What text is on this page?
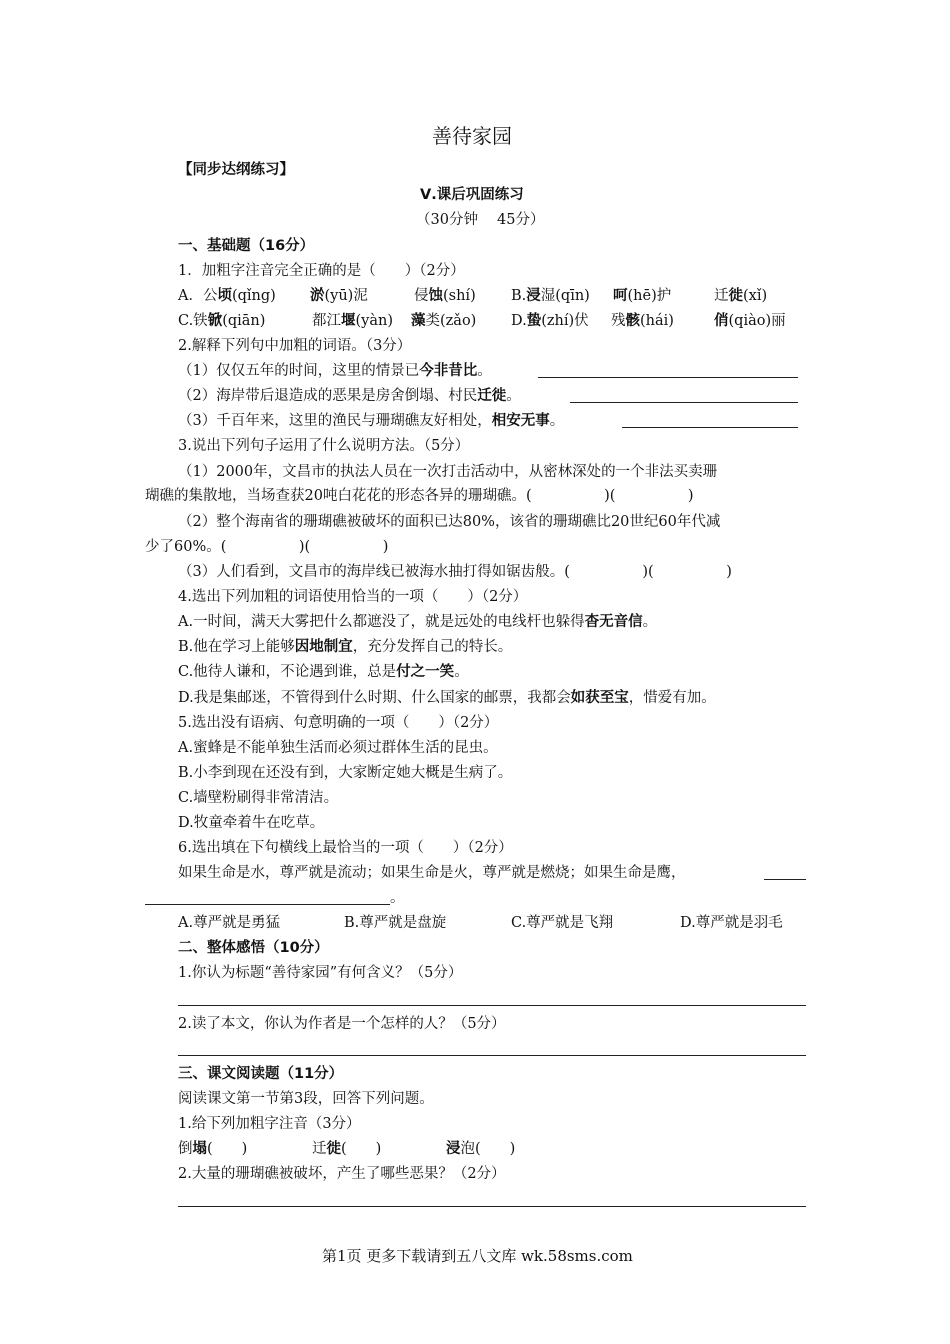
善待家园
【同步达纲练习】
Ⅴ.课后巩固练习
（30分钟　 45分）
一、基础题（16分）
1．加粗字注音完全正确的是（　　）（2分）
A．公顷(qǐng) 淤(yū)泥	侵蚀(shí) B.浸湿(qīn) 呵(hē)护	迁徙(xǐ)
C.铁锨(qiān)	都江堰(yàn) 藻类(zǎo) D.蛰(zhí)伏 残骸(hái)	俏(qiào)丽
2.解释下列句中加粗的词语。（3分）
（1）仅仅五年的时间，这里的情景已今非昔比。
（2）海岸带后退造成的恶果是房舍倒塌、村民迁徙。
（3）千百年来，这里的渔民与珊瑚礁友好相处，相安无事。
3.说出下列句子运用了什么说明方法。（5分）
（1）2000年，文昌市的执法人员在一次打击活动中，从密林深处的一个非法买卖珊
瑚礁的集散地，当场查获20吨白花花的形态各异的珊瑚礁。(　　　　　)(　　　　　)
（2）整个海南省的珊瑚礁被破坏的面积已达80%，该省的珊瑚礁比20世纪60年代减
少了60%。(　　　　　)(　　　　　)
（3）人们看到，文昌市的海岸线已被海水抽打得如锯齿般。(　　　　　)(　　　　　)
4.选出下列加粗的词语使用恰当的一项（　　）（2分）
A.一时间，满天大雾把什么都遮没了，就是远处的电线杆也躲得杳无音信。
B.他在学习上能够因地制宜，充分发挥自己的特长。
C.他待人谦和，不论遇到谁，总是付之一笑。
D.我是集邮迷，不管得到什么时期、什么国家的邮票，我都会如获至宝，惜爱有加。
5.选出没有语病、句意明确的一项（　　）（2分）
A.蜜蜂是不能单独生活而必须过群体生活的昆虫。
B.小李到现在还没有到，大家断定她大概是生病了。
C.墙壁粉刷得非常清洁。
D.牧童牵着牛在吃草。
6.选出填在下句横线上最恰当的一项（　　）（2分）
如果生命是水，尊严就是流动；如果生命是火，尊严就是燃烧；如果生命是鹰，
。
A.尊严就是勇猛	B.尊严就是盘旋	C.尊严就是飞翔	D.尊严就是羽毛
二、整体感悟（10分）
1.你认为标题“善待家园”有何含义？（5分）
2.读了本文，你认为作者是一个怎样的人？（5分）
三、课文阅读题（11分）
阅读课文第一节第3段，回答下列问题。
1.给下列加粗字注音（3分）
倒塌(　　)	迁徙(　　)	浸泡(　　)
2.大量的珊瑚礁被破坏，产生了哪些恶果？（2分）
第1页 更多下载请到五八文库 wk.58sms.com
